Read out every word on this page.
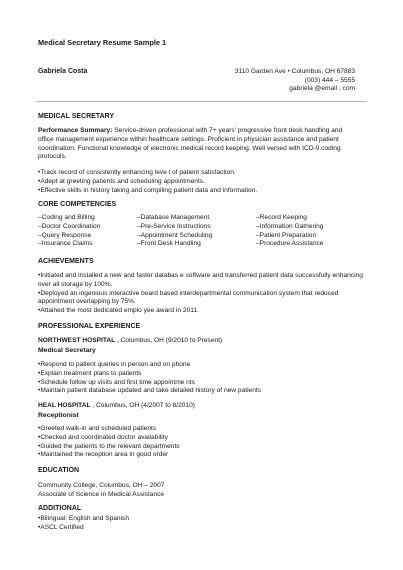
Medical Secretary Resume Sample 1
Gabriela Costa	3110 Garden Ave • Columbus, OH 67883
(003) 444 – 5555
gabriela @email . com
MEDICAL SECRETARY
Performance Summary: Service-driven professional with 7+ years' progressive front desk handling and office management experience within healthcare settings. Proficient in physician assistance and patient coordination. Functional knowledge of electronic medical record keeping. Well versed with ICD-9 coding protocols.
• Track record of consistently enhancing leve l of patient satisfaction.
• Adept at greeting patients and scheduling appointments.
• Effective skills in history taking and compiling patient data and information.
CORE COMPETENCIES
– Coding and Billing	– Database Management	– Record Keeping
– Doctor Coordination	– Pre-Service Instructions	– Information Gathering
– Query Response	– Appointment Scheduling	– Patient Preparation
– Insurance Claims	– Front Desk Handling	– Procedure Assistance
ACHIEVEMENTS
• Initiated and installed a new and faster databas e software and transferred patient data successfully enhancing over all storage by 100%.
• Deployed an ingenious interactive board based interdepartmental communication system that reduced appointment overlapping by 75%.
• Attained the most dedicated emplo yee award in 2011.
PROFESSIONAL EXPERIENCE
NORTHWEST HOSPITAL , Columbus, OH (9/2010 to Present)
Medical Secretary
• Respond to patient queries in person and on phone
• Explain treatment plans to patients
• Schedule follow up visits and first time appointme nts
• Maintain patient database updated and take detailed history of new patients
HEAL HOSPITAL , Columbus, OH (4/2007 to 8/2010)
Receptionist
• Greeted walk-in and scheduled patients
• Checked and coordinated doctor availability
• Guided the patients to the relevant departments
• Maintained the reception area in good order
EDUCATION
Community College, Columbus, OH – 2007
Associate of Science in Medical Assistance
ADDITIONAL
• Bilingual: English and Spanish
• ASCL Certified
